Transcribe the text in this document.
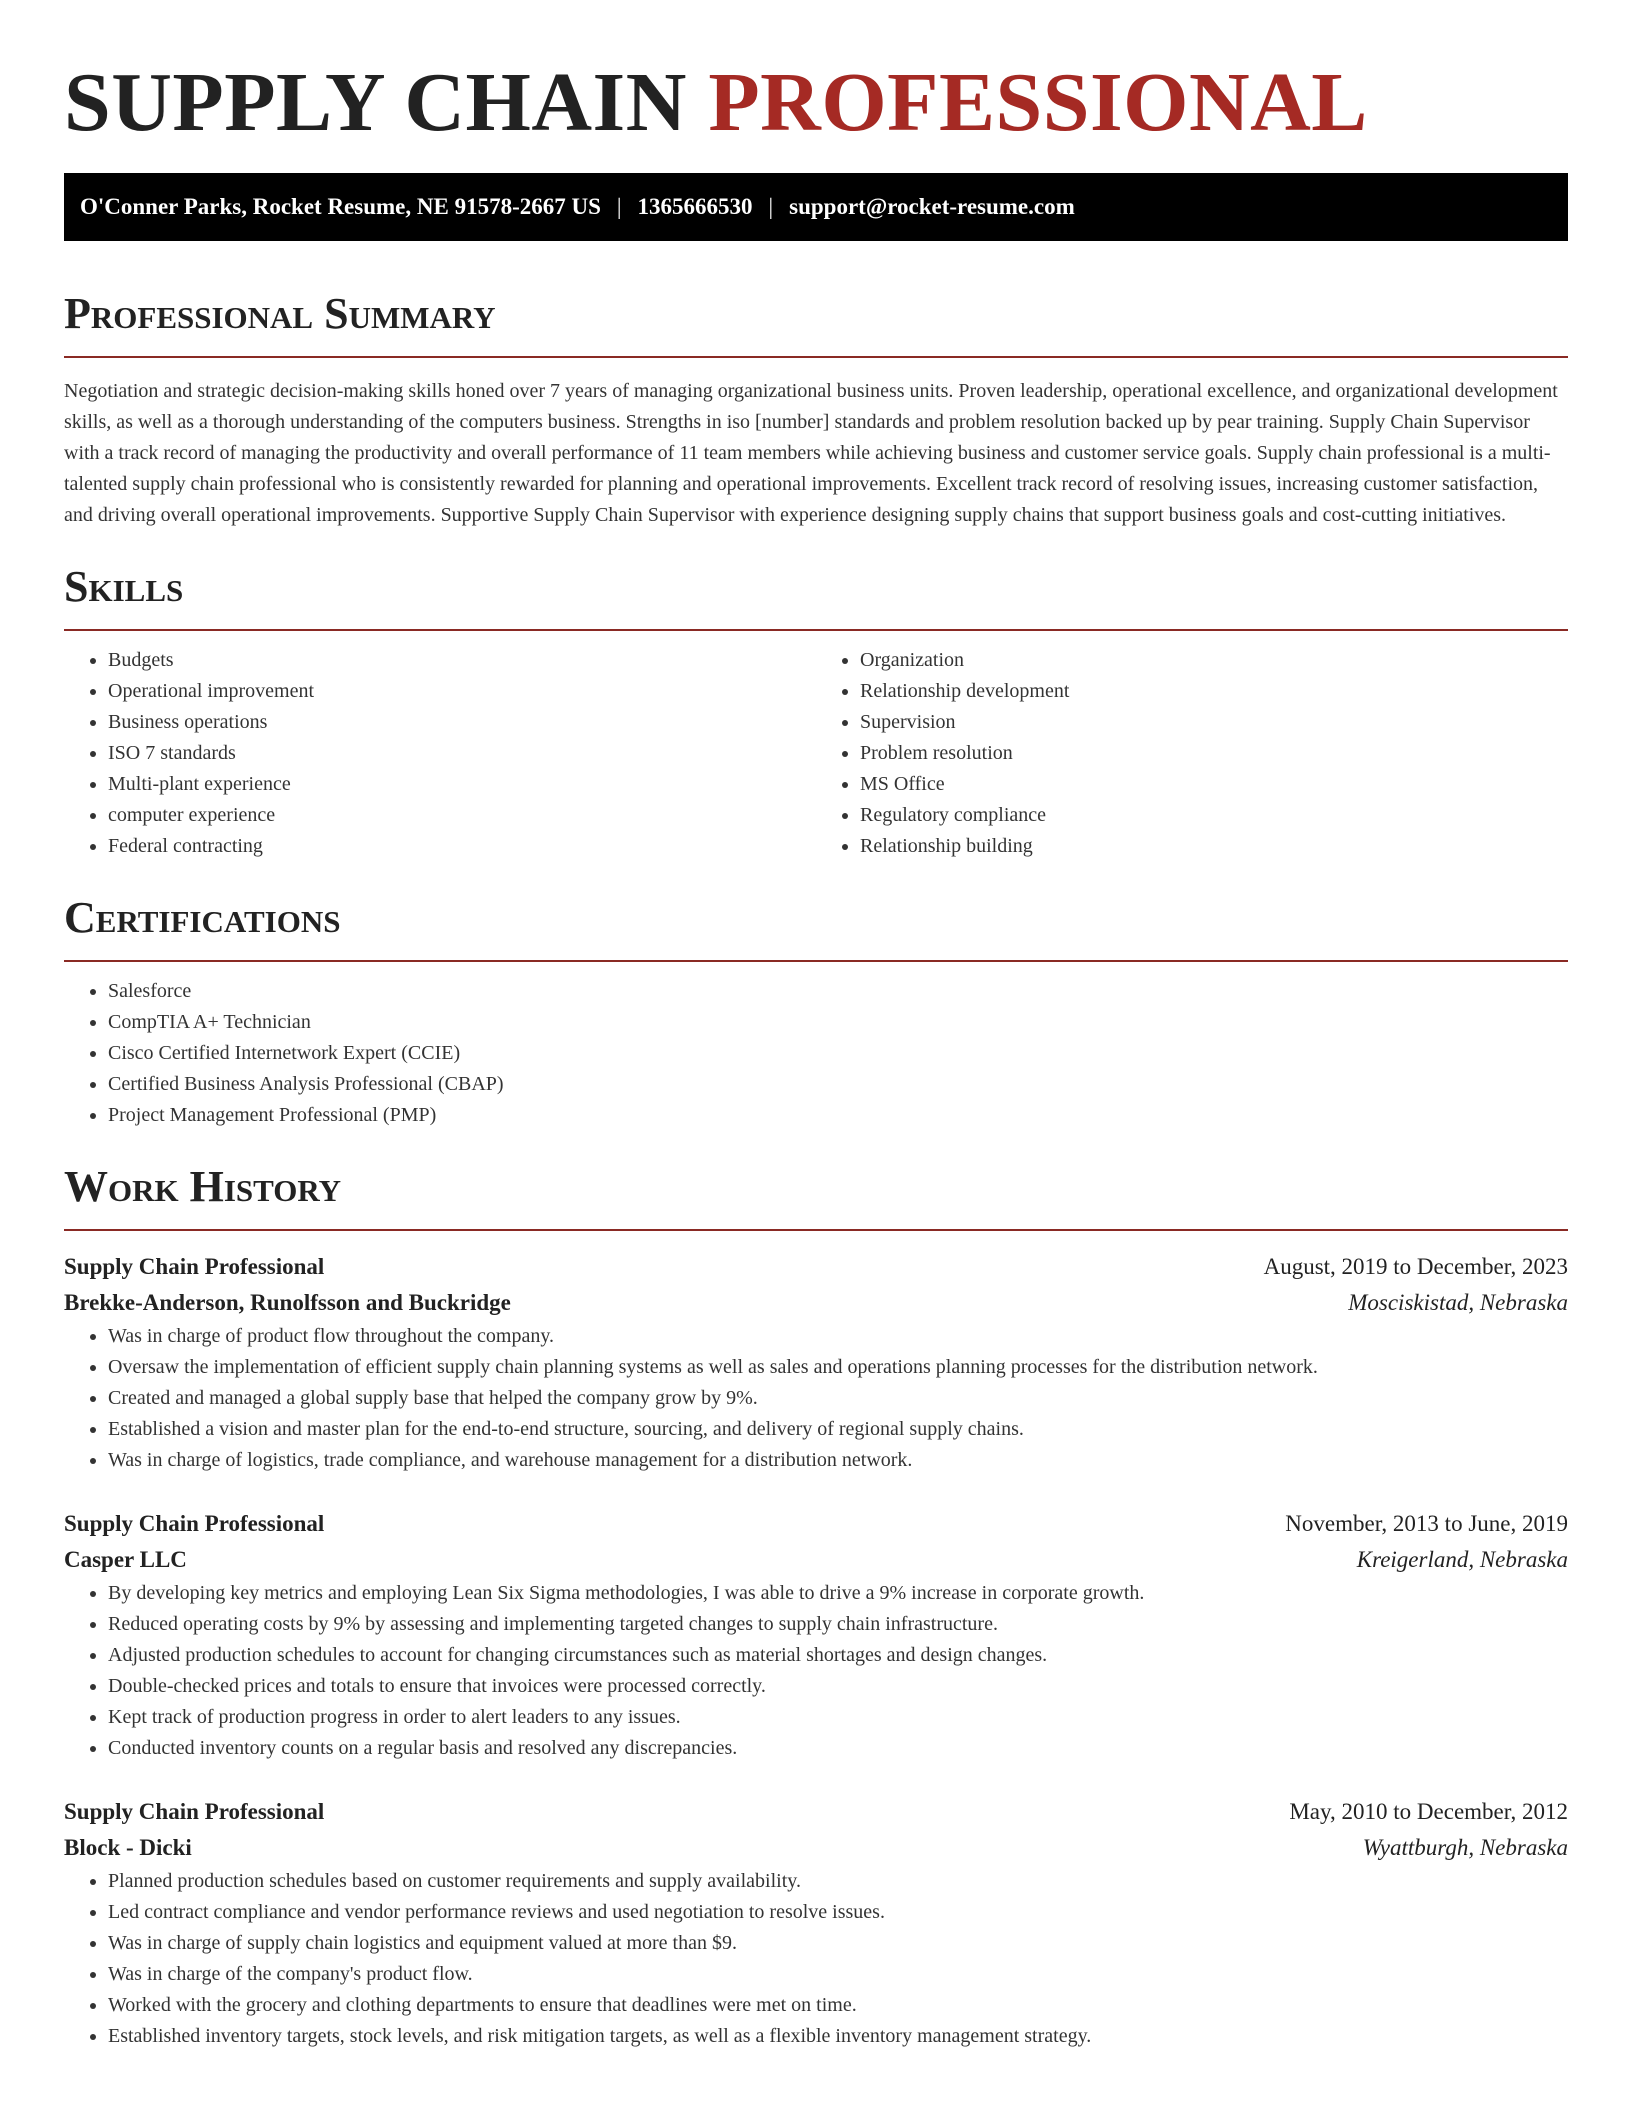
SUPPLY CHAIN PROFESSIONAL
O'Conner Parks, Rocket Resume, NE 91578-2667 US | 1365666530 | support@rocket-resume.com
Professional Summary

Negotiation and strategic decision-making skills honed over 7 years of managing organizational business units. Proven leadership, operational excellence, and organizational development skills, as well as a thorough understanding of the computers business. Strengths in iso [number] standards and problem resolution backed up by pear training. Supply Chain Supervisor with a track record of managing the productivity and overall performance of 11 team members while achieving business and customer service goals. Supply chain professional is a multi-talented supply chain professional who is consistently rewarded for planning and operational improvements. Excellent track record of resolving issues, increasing customer satisfaction, and driving overall operational improvements. Supportive Supply Chain Supervisor with experience designing supply chains that support business goals and cost-cutting initiatives.

Skills
• Budgets
• Operational improvement
• Business operations
• ISO 7 standards
• Multi-plant experience
• computer experience
• Federal contracting
• Organization
• Relationship development
• Supervision
• Problem resolution
• MS Office
• Regulatory compliance
• Relationship building
Certifications
• Salesforce
• CompTIA A+ Technician
• Cisco Certified Internetwork Expert (CCIE)
• Certified Business Analysis Professional (CBAP)
• Project Management Professional (PMP)
Work History
Supply Chain Professional	August, 2019 to December, 2023
Brekke-Anderson, Runolfsson and Buckridge	Mosciskistad, Nebraska
• Was in charge of product flow throughout the company.
• Oversaw the implementation of efficient supply chain planning systems as well as sales and operations planning processes for the distribution network.
• Created and managed a global supply base that helped the company grow by 9%.
• Established a vision and master plan for the end-to-end structure, sourcing, and delivery of regional supply chains.
• Was in charge of logistics, trade compliance, and warehouse management for a distribution network.
Supply Chain Professional	November, 2013 to June, 2019
Casper LLC	Kreigerland, Nebraska
• By developing key metrics and employing Lean Six Sigma methodologies, I was able to drive a 9% increase in corporate growth.
• Reduced operating costs by 9% by assessing and implementing targeted changes to supply chain infrastructure.
• Adjusted production schedules to account for changing circumstances such as material shortages and design changes.
• Double-checked prices and totals to ensure that invoices were processed correctly.
• Kept track of production progress in order to alert leaders to any issues.
• Conducted inventory counts on a regular basis and resolved any discrepancies.
Supply Chain Professional	May, 2010 to December, 2012
Block - Dicki	Wyattburgh, Nebraska
• Planned production schedules based on customer requirements and supply availability.
• Led contract compliance and vendor performance reviews and used negotiation to resolve issues.
• Was in charge of supply chain logistics and equipment valued at more than $9.
• Was in charge of the company's product flow.
• Worked with the grocery and clothing departments to ensure that deadlines were met on time.
• Established inventory targets, stock levels, and risk mitigation targets, as well as a flexible inventory management strategy.
